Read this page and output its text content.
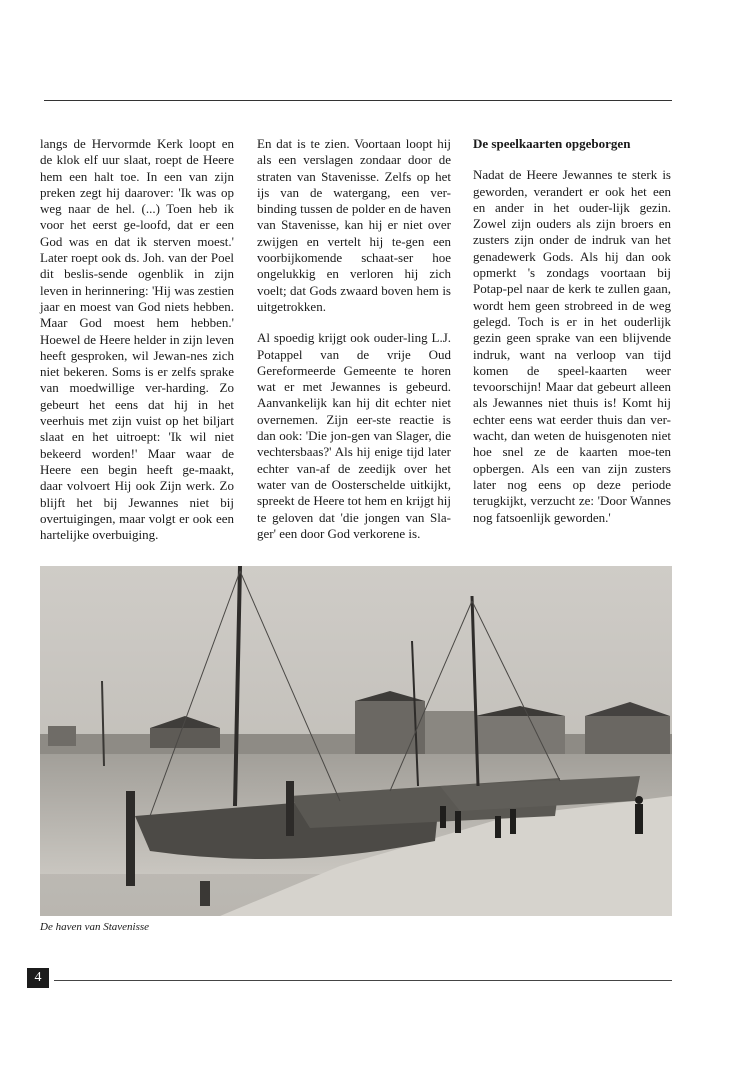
langs de Hervormde Kerk loopt en de klok elf uur slaat, roept de Heere hem een halt toe. In een van zijn preken zegt hij daarover: 'Ik was op weg naar de hel. (...) Toen heb ik voor het eerst ge-loofd, dat er een God was en dat ik sterven moest.' Later roept ook ds. Joh. van der Poel dit beslis-sende ogenblik in zijn leven in herinnering: 'Hij was zestien jaar en moest van God niets hebben. Maar God moest hem hebben.' Hoewel de Heere helder in zijn leven heeft gesproken, wil Jewan-nes zich niet bekeren. Soms is er zelfs sprake van moedwillige ver-harding. Zo gebeurt het eens dat hij in het veerhuis met zijn vuist op het biljart slaat en het uitroept: 'Ik wil niet bekeerd worden!' Maar waar de Heere een begin heeft ge-maakt, daar volvoert Hij ook Zijn werk. Zo blijft het bij Jewannes niet bij overtuigingen, maar volgt er ook een hartelijke overbuiging.

En dat is te zien. Voortaan loopt hij als een verslagen zondaar door de straten van Stavenisse. Zelfs op het ijs van de watergang, een ver-binding tussen de polder en de haven van Stavenisse, kan hij er niet over zwijgen en vertelt hij te-gen een voorbijkomende schaat-ser hoe ongelukkig en verloren hij zich voelt; dat Gods zwaard boven hem is uitgetrokken.

Al spoedig krijgt ook ouder-ling L.J. Potappel van de vrije Oud Gereformeerde Gemeente te horen wat er met Jewannes is gebeurd. Aanvankelijk kan hij dit echter niet overnemen. Zijn eer-ste reactie is dan ook: 'Die jon-gen van Slager, die vechtersbaas?' Als hij enige tijd later echter van-af de zeedijk over het water van de Oosterschelde uitkijkt, spreekt de Heere tot hem en krijgt hij te geloven dat 'die jongen van Sla-ger' een door God verkorene is.

De speelkaarten opgeborgen

Nadat de Heere Jewannes te sterk is geworden, verandert er ook het een en ander in het ouder-lijk gezin. Zowel zijn ouders als zijn broers en zusters zijn onder de indruk van het genadewerk Gods. Als hij dan ook opmerkt 's zondags voortaan bij Potap-pel naar de kerk te zullen gaan, wordt hem geen strobreed in de weg gelegd. Toch is er in het ouderlijk gezin geen sprake van een blijvende indruk, want na verloop van tijd komen de speel-kaarten weer tevoorschijn! Maar dat gebeurt alleen als Jewannes niet thuis is! Komt hij echter eens wat eerder thuis dan ver-wacht, dan weten de huisgenoten niet hoe snel ze de kaarten moe-ten opbergen. Als een van zijn zusters later nog eens op deze periode terugkijkt, verzucht ze: 'Door Wannes nog fatsoenlijk geworden.'

De haven van Stavenisse
4
